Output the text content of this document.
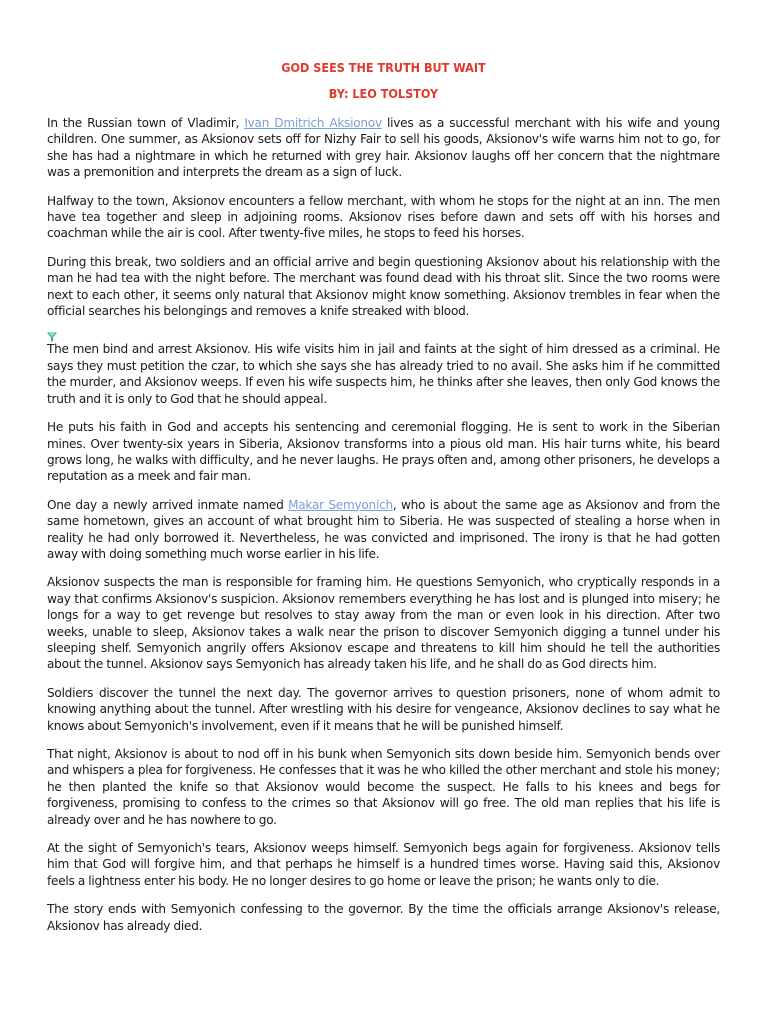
GOD SEES THE TRUTH BUT WAIT
BY: LEO TOLSTOY

In the Russian town of Vladimir, Ivan Dmitrich Aksionov lives as a successful merchant with his wife and young children. One summer, as Aksionov sets off for Nizhy Fair to sell his goods, Aksionov's wife warns him not to go, for she has had a nightmare in which he returned with grey hair. Aksionov laughs off her concern that the nightmare was a premonition and interprets the dream as a sign of luck.

Halfway to the town, Aksionov encounters a fellow merchant, with whom he stops for the night at an inn. The men have tea together and sleep in adjoining rooms. Aksionov rises before dawn and sets off with his horses and coachman while the air is cool. After twenty-five miles, he stops to feed his horses.

During this break, two soldiers and an official arrive and begin questioning Aksionov about his relationship with the man he had tea with the night before. The merchant was found dead with his throat slit. Since the two rooms were next to each other, it seems only natural that Aksionov might know something. Aksionov trembles in fear when the official searches his belongings and removes a knife streaked with blood.

The men bind and arrest Aksionov. His wife visits him in jail and faints at the sight of him dressed as a criminal. He says they must petition the czar, to which she says she has already tried to no avail. She asks him if he committed the murder, and Aksionov weeps. If even his wife suspects him, he thinks after she leaves, then only God knows the truth and it is only to God that he should appeal.

He puts his faith in God and accepts his sentencing and ceremonial flogging. He is sent to work in the Siberian mines. Over twenty-six years in Siberia, Aksionov transforms into a pious old man. His hair turns white, his beard grows long, he walks with difficulty, and he never laughs. He prays often and, among other prisoners, he develops a reputation as a meek and fair man.

One day a newly arrived inmate named Makar Semyonich, who is about the same age as Aksionov and from the same hometown, gives an account of what brought him to Siberia. He was suspected of stealing a horse when in reality he had only borrowed it. Nevertheless, he was convicted and imprisoned. The irony is that he had gotten away with doing something much worse earlier in his life.

Aksionov suspects the man is responsible for framing him. He questions Semyonich, who cryptically responds in a way that confirms Aksionov's suspicion. Aksionov remembers everything he has lost and is plunged into misery; he longs for a way to get revenge but resolves to stay away from the man or even look in his direction. After two weeks, unable to sleep, Aksionov takes a walk near the prison to discover Semyonich digging a tunnel under his sleeping shelf. Semyonich angrily offers Aksionov escape and threatens to kill him should he tell the authorities about the tunnel. Aksionov says Semyonich has already taken his life, and he shall do as God directs him.

Soldiers discover the tunnel the next day. The governor arrives to question prisoners, none of whom admit to knowing anything about the tunnel. After wrestling with his desire for vengeance, Aksionov declines to say what he knows about Semyonich's involvement, even if it means that he will be punished himself.

That night, Aksionov is about to nod off in his bunk when Semyonich sits down beside him. Semyonich bends over and whispers a plea for forgiveness. He confesses that it was he who killed the other merchant and stole his money; he then planted the knife so that Aksionov would become the suspect. He falls to his knees and begs for forgiveness, promising to confess to the crimes so that Aksionov will go free. The old man replies that his life is already over and he has nowhere to go.

At the sight of Semyonich's tears, Aksionov weeps himself. Semyonich begs again for forgiveness. Aksionov tells him that God will forgive him, and that perhaps he himself is a hundred times worse. Having said this, Aksionov feels a lightness enter his body. He no longer desires to go home or leave the prison; he wants only to die.

The story ends with Semyonich confessing to the governor. By the time the officials arrange Aksionov's release, Aksionov has already died.
